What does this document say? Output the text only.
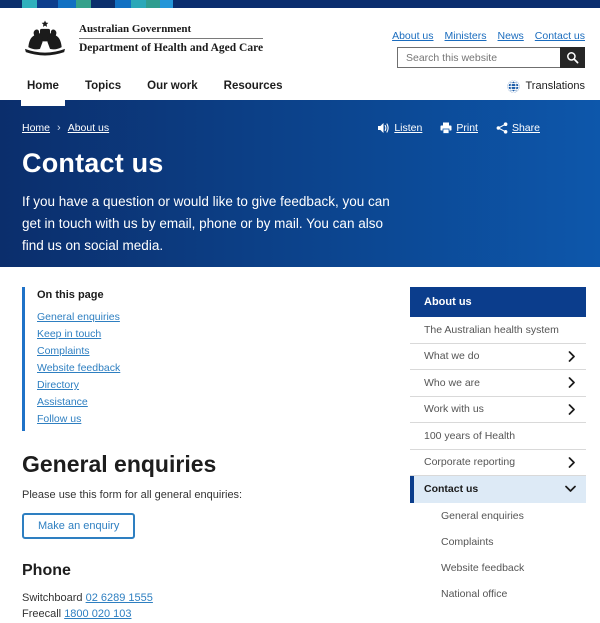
Australian Government
Department of Health and Aged Care
About us Ministers News Contact us
Search this website
Home Topics Our work Resources	Translations
Home › About us	Listen	Print	Share
Contact us

If you have a question or would like to give feedback, you can get in touch with us by email, phone or by mail. You can also find us on social media.

On this page
General enquiries
Keep in touch
Complaints
Website feedback
Directory
Assistance
Follow us
General enquiries

Please use this form for all general enquiries:

Make an enquiry
Phone
Switchboard 02 6289 1555
Freecall 1800 020 103
About us
The Australian health system
What we do
Who we are
Work with us
100 years of Health
Corporate reporting
Contact us
General enquiries
Complaints
Website feedback
National office
